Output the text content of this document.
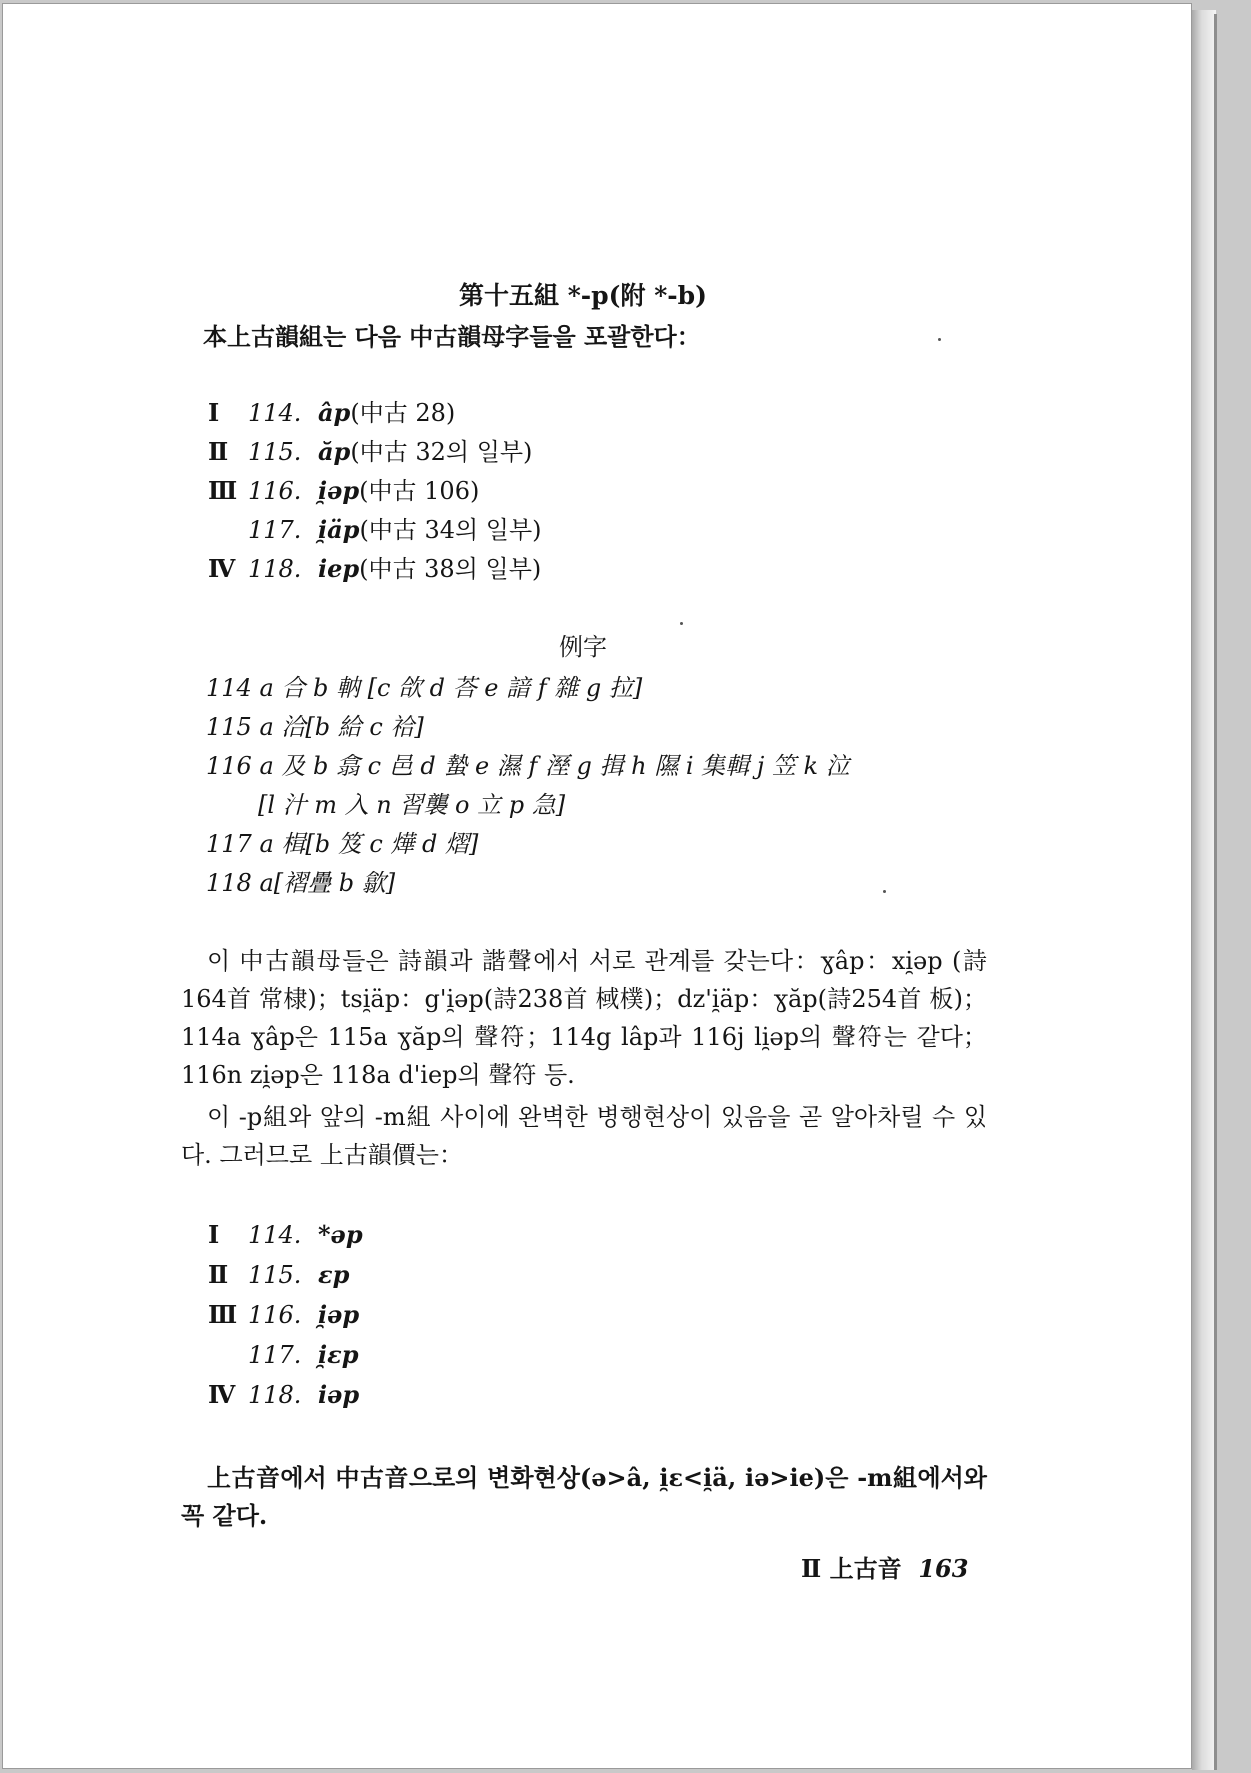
第十五組 *-p(附 *-b)
本上古韻組는 다음 中古韻母字들을 포괄한다：
Ⅰ 114. âp(中古 28)
Ⅱ 115. ăp(中古 32의 일부)
Ⅲ 116. i̯əp(中古 106)
117. i̯äp(中古 34의 일부)
Ⅳ 118. iep(中古 38의 일부)
例字
114 a 合 b 軜 [c 欱 d 荅 e 諳 f 雜 g 拉]
115 a 洽[b 給 c 祫]
116 a 及 b 翕 c 邑 d 蟄 e 濕 f 溼 g 揖 h 隰 i 集輯 j 笠 k 泣
[l 汁 m 入 n 習襲 o 立 p 急]
117 a 楫[b 笈 c 燁 d 熠]
118 a[褶疊 b 歙]
이 中古韻母들은 詩韻과 諧聲에서 서로 관계를 갖는다：ɣâp：xi̯əp (詩164首 常棣)；tsi̯äp：g'i̯əp(詩238首 棫樸)；dz'i̯äp：ɣăp(詩254首 板)；114a ɣâp은 115a ɣăp의 聲符；114g lâp과 116j li̯əp의 聲符는 같다；116n zi̯əp은 118a d'iep의 聲符 등.
이 -p組와 앞의 -m組 사이에 완벽한 병행현상이 있음을 곧 알아차릴 수 있다. 그러므로 上古韻價는：
Ⅰ 114. *əp
Ⅱ 115. ɛp
Ⅲ 116. i̯əp
117. i̯ɛp
Ⅳ 118. iəp
上古音에서 中古音으로의 변화현상(ə>â, i̯ɛ<i̯ä, iə>ie)은 -m組에서와 꼭 같다.
Ⅱ 上古音 163
